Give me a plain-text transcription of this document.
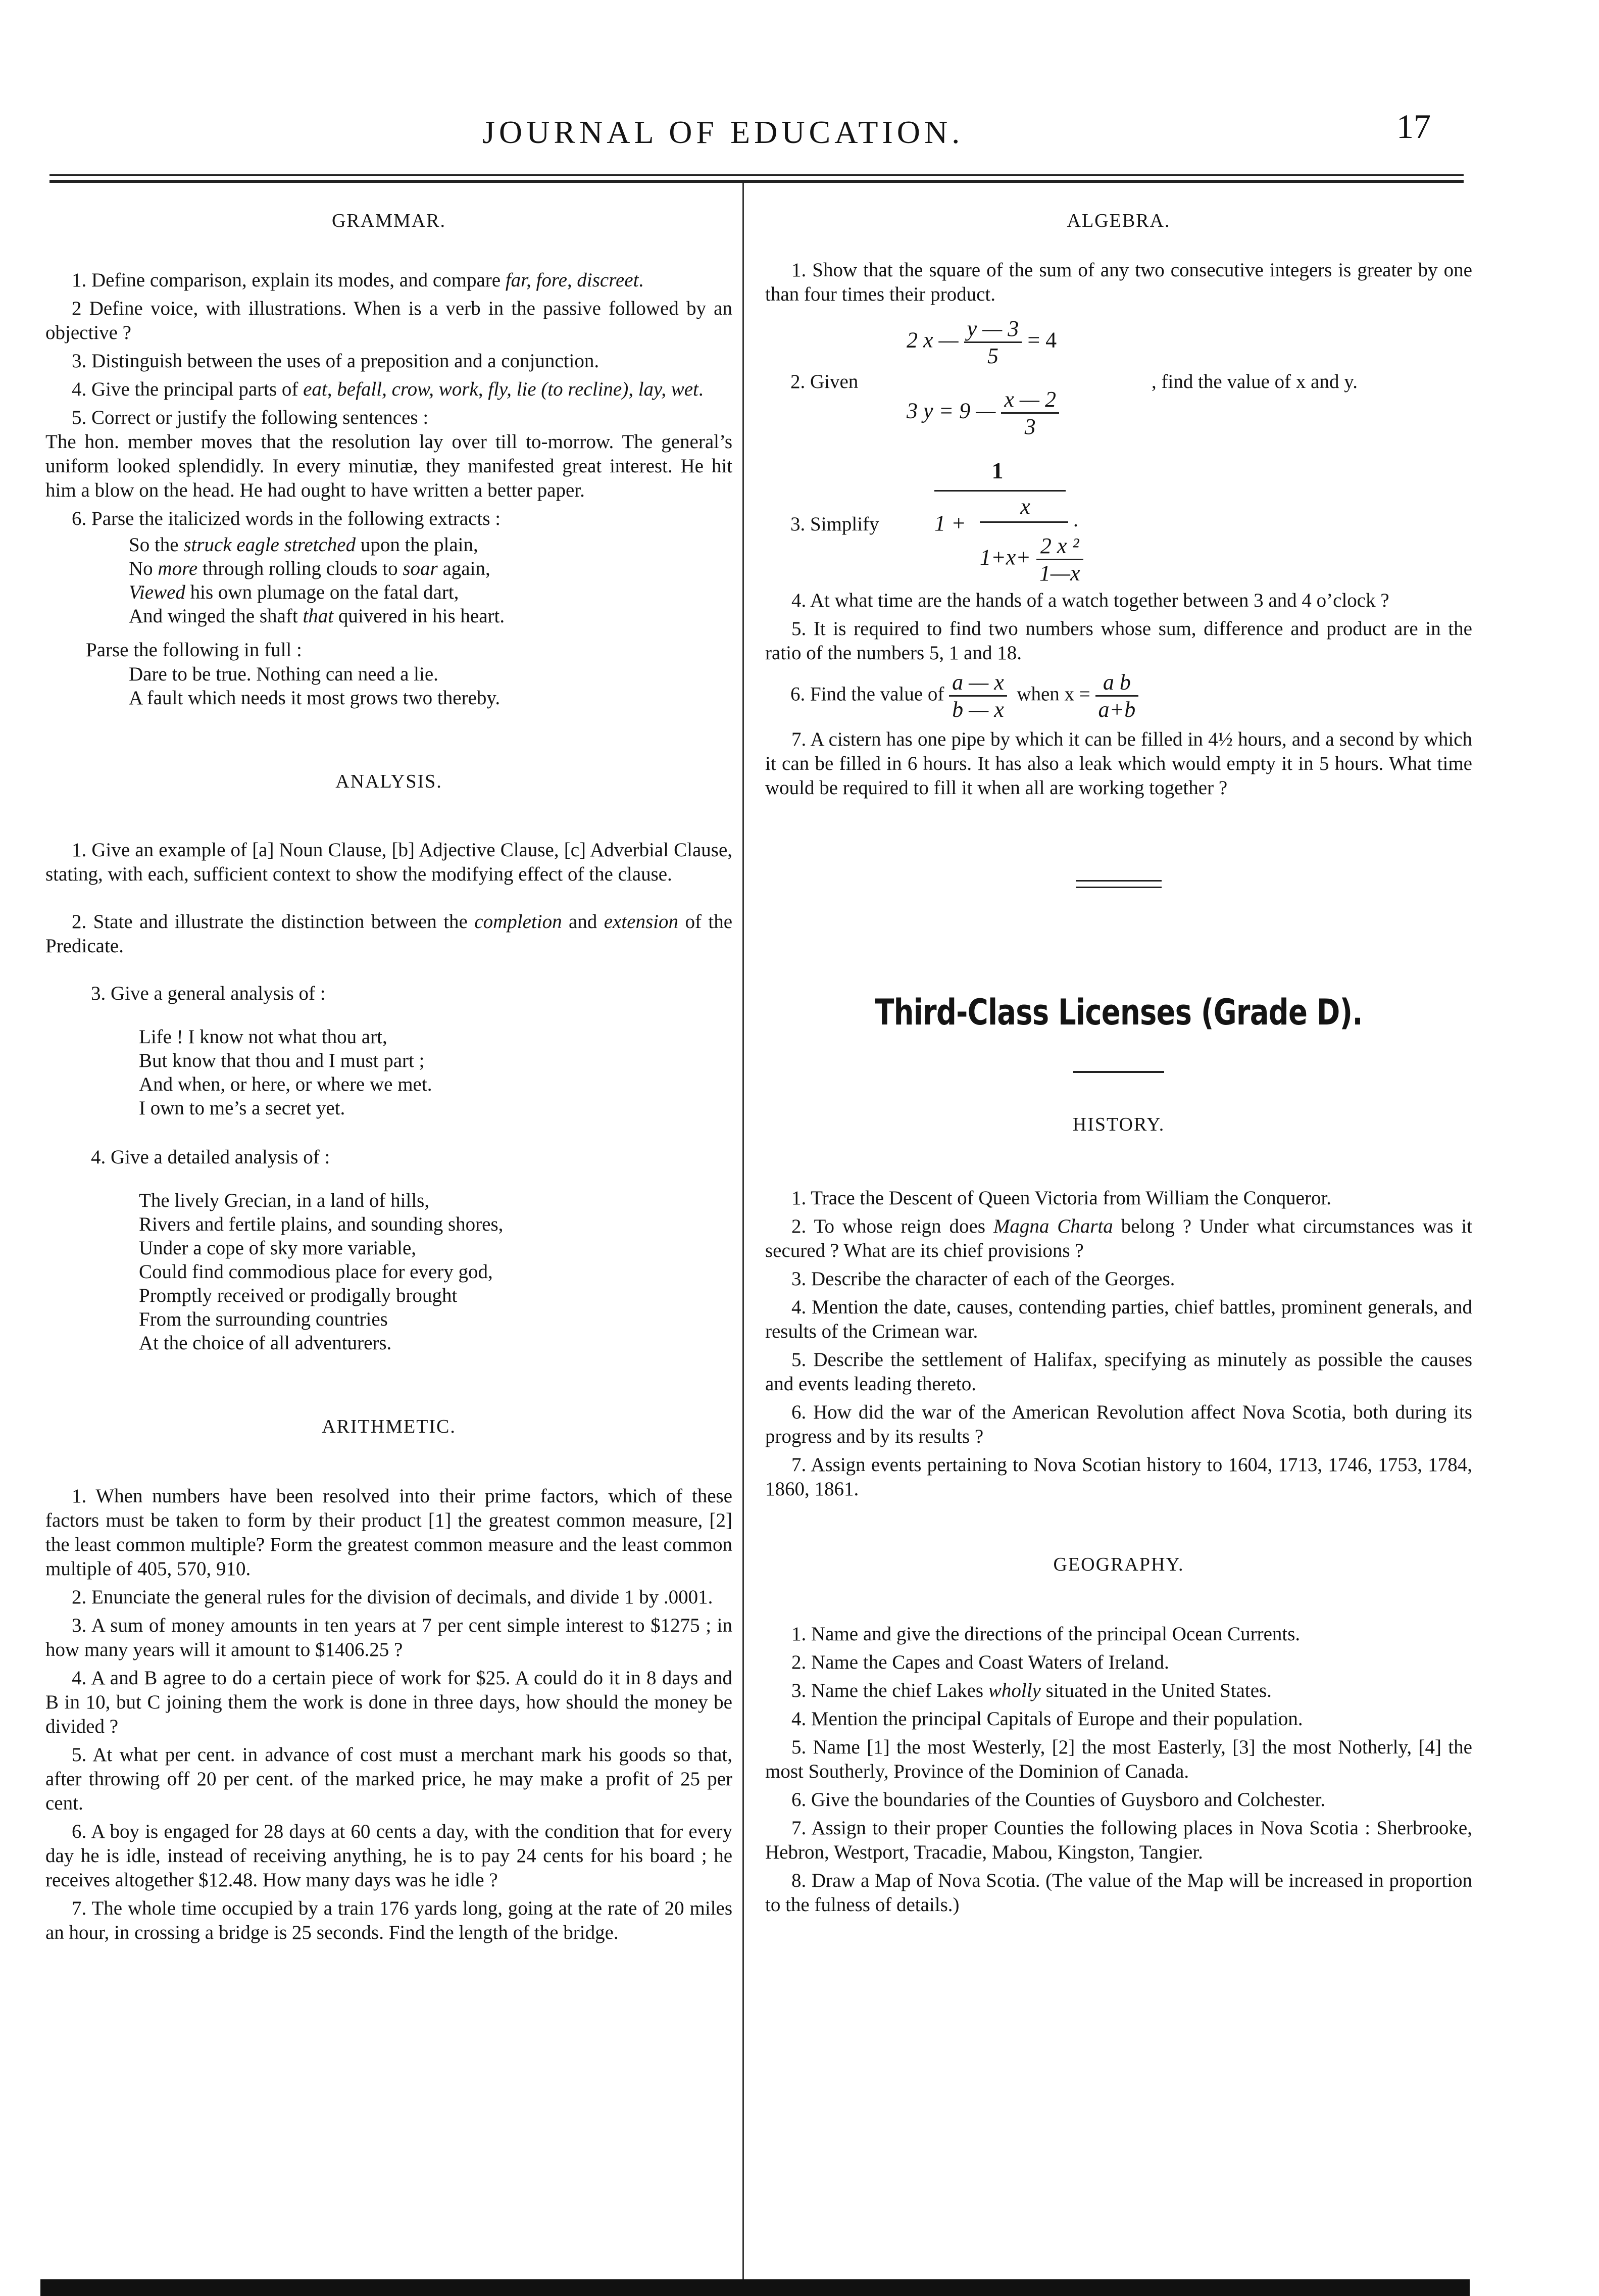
JOURNAL OF EDUCATION.	17
GRAMMAR.

1. Define comparison, explain its modes, and compare far, fore, discreet.

2 Define voice, with illustrations. When is a verb in the passive followed by an objective ?

3. Distinguish between the uses of a preposition and a conjunction.

4. Give the principal parts of eat, befall, crow, work, fly, lie (to recline), lay, wet.

5. Correct or justify the following sentences :

The hon. member moves that the resolution lay over till to-morrow. The general’s uniform looked splendidly. In every minutiæ, they manifested great interest. He hit him a blow on the head. He had ought to have written a better paper.

6. Parse the italicized words in the following extracts :

So the struck eagle stretched upon the plain,
No more through rolling clouds to soar again,
Viewed his own plumage on the fatal dart,
And winged the shaft that quivered in his heart.

Parse the following in full :

Dare to be true. Nothing can need a lie.
A fault which needs it most grows two thereby.
ANALYSIS.

1. Give an example of [a] Noun Clause, [b] Adjective Clause, [c] Adverbial Clause, stating, with each, sufficient context to show the modifying effect of the clause.

2. State and illustrate the distinction between the completion and extension of the Predicate.

3. Give a general analysis of :

Life ! I know not what thou art,
But know that thou and I must part ;
And when, or here, or where we met.
I own to me’s a secret yet.

4. Give a detailed analysis of :

The lively Grecian, in a land of hills,
Rivers and fertile plains, and sounding shores,
Under a cope of sky more variable,
Could find commodious place for every god,
Promptly received or prodigally brought
From the surrounding countries
At the choice of all adventurers.
ARITHMETIC.

1. When numbers have been resolved into their prime factors, which of these factors must be taken to form by their product [1] the greatest common measure, [2] the least common multiple? Form the greatest common measure and the least common multiple of 405, 570, 910.

2. Enunciate the general rules for the division of decimals, and divide 1 by .0001.

3. A sum of money amounts in ten years at 7 per cent simple interest to $1275 ; in how many years will it amount to $1406.25 ?

4. A and B agree to do a certain piece of work for $25. A could do it in 8 days and B in 10, but C joining them the work is done in three days, how should the money be divided ?

5. At what per cent. in advance of cost must a merchant mark his goods so that, after throwing off 20 per cent. of the marked price, he may make a profit of 25 per cent.

6. A boy is engaged for 28 days at 60 cents a day, with the condition that for every day he is idle, instead of receiving anything, he is to pay 24 cents for his board ; he receives altogether $12.48. How many days was he idle ?

7. The whole time occupied by a train 176 yards long, going at the rate of 20 miles an hour, in crossing a bridge is 25 seconds. Find the length of the bridge.

ALGEBRA.

1. Show that the square of the sum of any two consecutive integers is greater by one than four times their product.

2 x — $\frac{y — 3}{5} = 4$
2. Given	, find the value of x and y.
3 y = 9 — $\frac{x — 2}{3}$
3. Simplify
1
1 +
x
$1+x+ \frac{\text{2 x ²}}{1—x}$
.

4. At what time are the hands of a watch together between 3 and 4 o’clock ?

5. It is required to find two numbers whose sum, difference and product are in the ratio of the numbers 5, 1 and 18.

6. Find the value of $\frac{a — x}{b — x}$ when $x = \frac{\text{a b}}{a+b}$

7. A cistern has one pipe by which it can be filled in 4½ hours, and a second by which it can be filled in 6 hours. It has also a leak which would empty it in 5 hours. What time would be required to fill it when all are working together ?

Third-Class Licenses (Grade D).
HISTORY.

1. Trace the Descent of Queen Victoria from William the Conqueror.

2. To whose reign does Magna Charta belong ? Under what circumstances was it secured ? What are its chief provisions ?

3. Describe the character of each of the Georges.

4. Mention the date, causes, contending parties, chief battles, prominent generals, and results of the Crimean war.

5. Describe the settlement of Halifax, specifying as minutely as possible the causes and events leading thereto.

6. How did the war of the American Revolution affect Nova Scotia, both during its progress and by its results ?

7. Assign events pertaining to Nova Scotian history to 1604, 1713, 1746, 1753, 1784, 1860, 1861.

GEOGRAPHY.

1. Name and give the directions of the principal Ocean Currents.

2. Name the Capes and Coast Waters of Ireland.

3. Name the chief Lakes wholly situated in the United States.

4. Mention the principal Capitals of Europe and their population.

5. Name [1] the most Westerly, [2] the most Easterly, [3] the most Notherly, [4] the most Southerly, Province of the Dominion of Canada.

6. Give the boundaries of the Counties of Guysboro and Colchester.

7. Assign to their proper Counties the following places in Nova Scotia : Sherbrooke, Hebron, Westport, Tracadie, Mabou, Kingston, Tangier.

8. Draw a Map of Nova Scotia. (The value of the Map will be increased in proportion to the fulness of details.)
